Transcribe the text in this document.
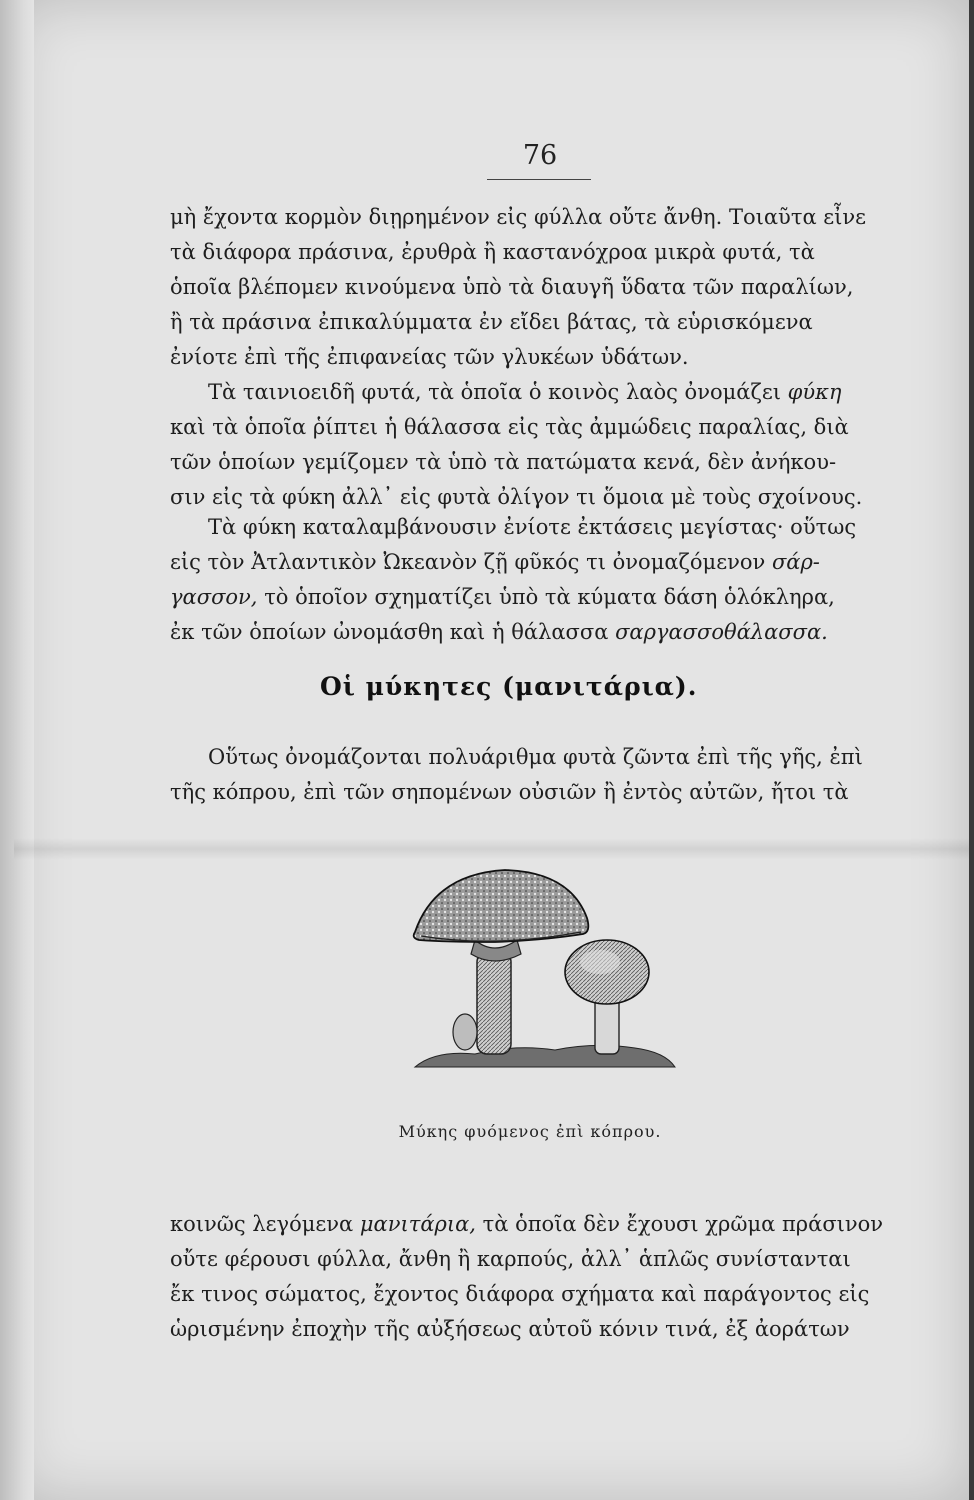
76
μὴ ἔχοντα κορμὸν διῃρημένον εἰς φύλλα οὔτε ἄνθη. Τοιαῦτα εἶνε
τὰ διάφορα πράσινα, ἐρυθρὰ ἢ καστανόχροα μικρὰ φυτά, τὰ
ὁποῖα βλέπομεν κινούμενα ὑπὸ τὰ διαυγῆ ὕδατα τῶν παραλίων,
ἢ τὰ πράσινα ἐπικαλύμματα ἐν εἴδει βάτας, τὰ εὑρισκόμενα
ἐνίοτε ἐπὶ τῆς ἐπιφανείας τῶν γλυκέων ὑδάτων.
Τὰ ταινιοειδῆ φυτά, τὰ ὁποῖα ὁ κοινὸς λαὸς ὀνομάζει φύκη
καὶ τὰ ὁποῖα ῥίπτει ἡ θάλασσα εἰς τὰς ἀμμώδεις παραλίας, διὰ
τῶν ὁποίων γεμίζομεν τὰ ὑπὸ τὰ πατώματα κενά, δὲν ἀνήκου-
σιν εἰς τὰ φύκη ἀλλ᾿ εἰς φυτὰ ὀλίγον τι ὅμοια μὲ τοὺς σχοίνους.
Τὰ φύκη καταλαμβάνουσιν ἐνίοτε ἐκτάσεις μεγίστας· οὕτως
εἰς τὸν Ἀτλαντικὸν Ὠκεανὸν ζῇ φῦκός τι ὀνομαζόμενον σάρ-
γασσον, τὸ ὁποῖον σχηματίζει ὑπὸ τὰ κύματα δάση ὁλόκληρα,
ἐκ τῶν ὁποίων ὠνομάσθη καὶ ἡ θάλασσα σαργασσοθάλασσα.
Οἱ μύκητες (μανιτάρια).
Οὕτως ὀνομάζονται πολυάριθμα φυτὰ ζῶντα ἐπὶ τῆς γῆς, ἐπὶ
τῆς κόπρου, ἐπὶ τῶν σηπομένων οὐσιῶν ἢ ἐντὸς αὐτῶν, ἤτοι τὰ
Μύκης φυόμενος ἐπὶ κόπρου.
κοινῶς λεγόμενα μανιτάρια, τὰ ὁποῖα δὲν ἔχουσι χρῶμα πράσινον
οὔτε φέρουσι φύλλα, ἄνθη ἢ καρπούς, ἀλλ᾿ ἁπλῶς συνίστανται
ἔκ τινος σώματος, ἔχοντος διάφορα σχήματα καὶ παράγοντος εἰς
ὡρισμένην ἐποχὴν τῆς αὐξήσεως αὐτοῦ κόνιν τινά, ἐξ ἀοράτων
